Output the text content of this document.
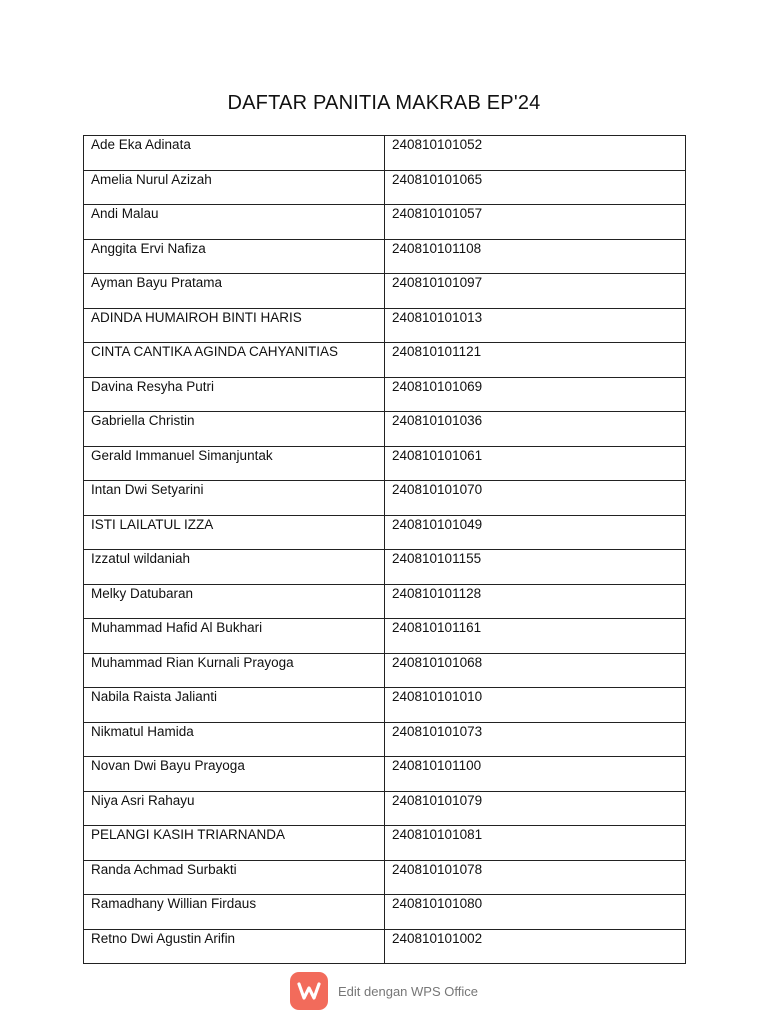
DAFTAR PANITIA MAKRAB EP'24
Ade Eka Adinata	240810101052
Amelia Nurul Azizah	240810101065
Andi Malau	240810101057
Anggita Ervi Nafiza	240810101108
Ayman Bayu Pratama	240810101097
ADINDA HUMAIROH BINTI HARIS	240810101013
CINTA CANTIKA AGINDA CAHYANITIAS	240810101121
Davina Resyha Putri	240810101069
Gabriella Christin	240810101036
Gerald Immanuel Simanjuntak	240810101061
Intan Dwi Setyarini	240810101070
ISTI LAILATUL IZZA	240810101049
Izzatul wildaniah	240810101155
Melky Datubaran	240810101128
Muhammad Hafid Al Bukhari	240810101161
Muhammad Rian Kurnali Prayoga	240810101068
Nabila Raista Jalianti	240810101010
Nikmatul Hamida	240810101073
Novan Dwi Bayu Prayoga	240810101100
Niya Asri Rahayu	240810101079
PELANGI KASIH TRIARNANDA	240810101081
Randa Achmad Surbakti	240810101078
Ramadhany Willian Firdaus	240810101080
Retno Dwi Agustin Arifin	240810101002
Edit dengan WPS Office
